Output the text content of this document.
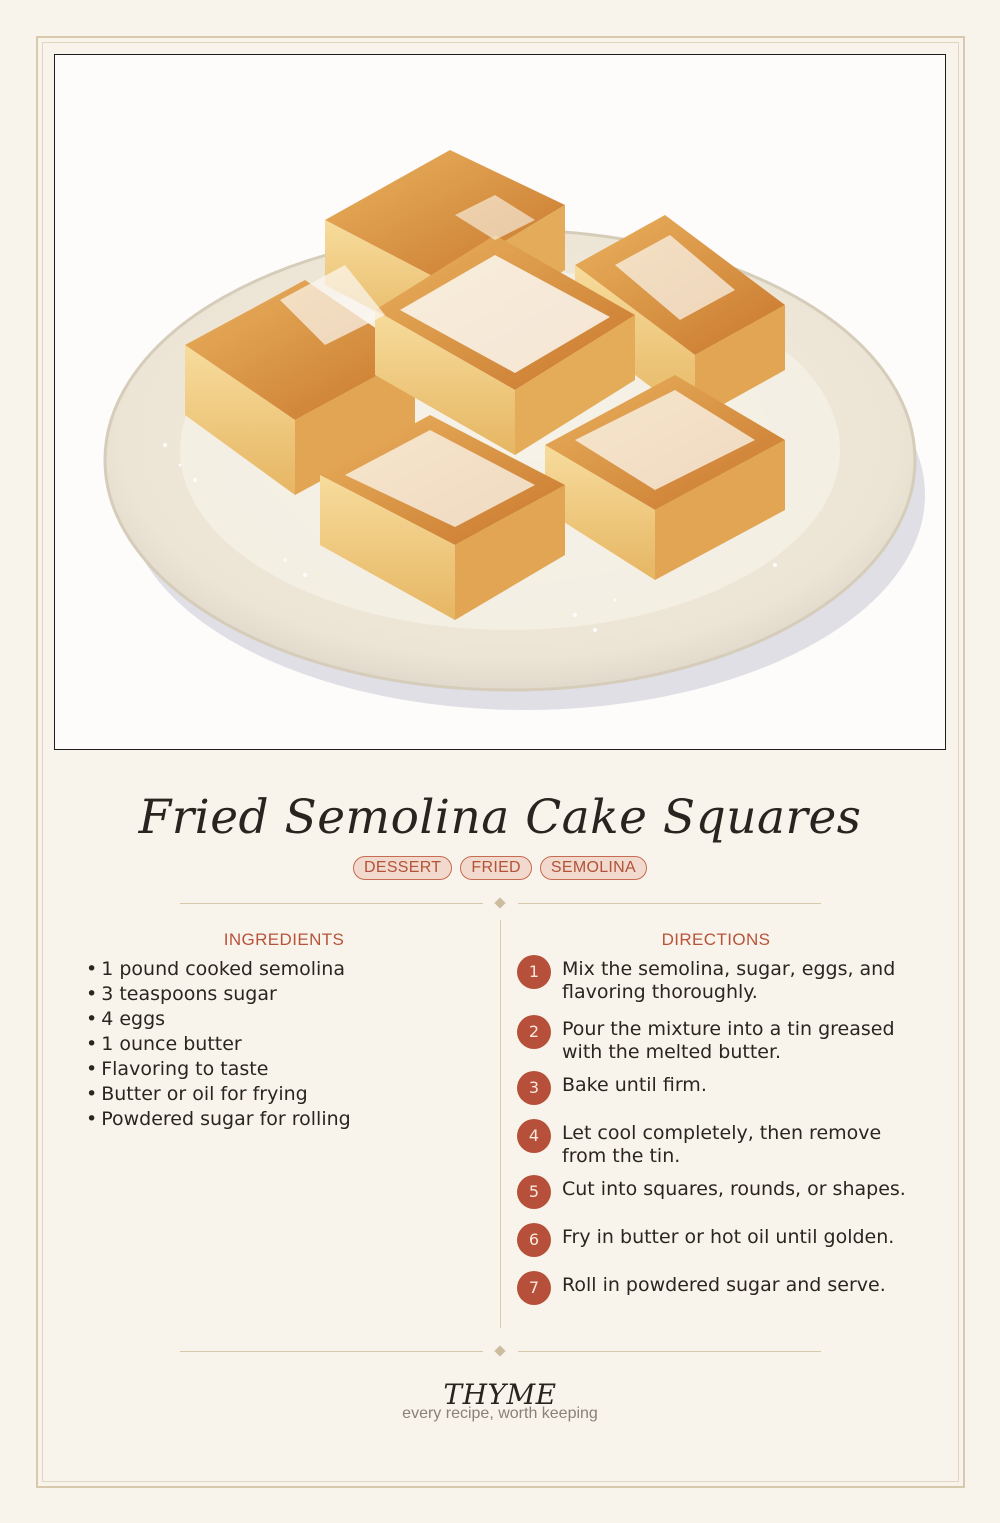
Fried Semolina Cake Squares
DESSERT	FRIED	SEMOLINA
INGREDIENTS
• 1 pound cooked semolina
• 3 teaspoons sugar
• 4 eggs
• 1 ounce butter
• Flavoring to taste
• Butter or oil for frying
• Powdered sugar for rolling
DIRECTIONS
1	Mix the semolina, sugar, eggs, and flavoring thoroughly.
2	Pour the mixture into a tin greased with the melted butter.
3	Bake until firm.
4	Let cool completely, then remove from the tin.
5	Cut into squares, rounds, or shapes.
6	Fry in butter or hot oil until golden.
7	Roll in powdered sugar and serve.
THYME
every recipe, worth keeping
